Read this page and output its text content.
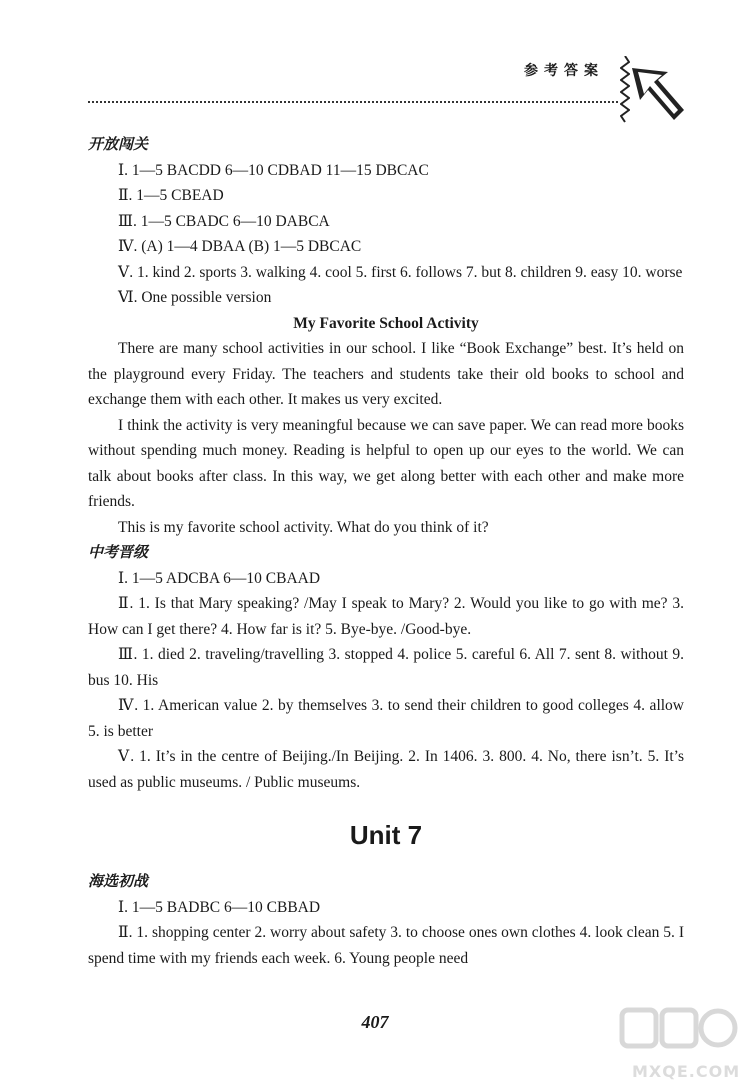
参考答案

开放闯关

Ⅰ. 1—5 BACDD 6—10 CDBAD 11—15 DBCAC

Ⅱ. 1—5 CBEAD

Ⅲ. 1—5 CBADC 6—10 DABCA

Ⅳ. (A) 1—4 DBAA (B) 1—5 DBCAC

Ⅴ. 1. kind 2. sports 3. walking 4. cool 5. first 6. follows 7. but 8. children 9. easy 10. worse

Ⅵ. One possible version

My Favorite School Activity

There are many school activities in our school. I like “Book Exchange” best. It’s held on the playground every Friday. The teachers and students take their old books to school and exchange them with each other. It makes us very excited.

I think the activity is very meaningful because we can save paper. We can read more books without spending much money. Reading is helpful to open up our eyes to the world. We can talk about books after class. In this way, we get along better with each other and make more friends.

This is my favorite school activity. What do you think of it?

中考晋级

Ⅰ. 1—5 ADCBA 6—10 CBAAD

Ⅱ. 1. Is that Mary speaking? /May I speak to Mary? 2. Would you like to go with me? 3. How can I get there? 4. How far is it? 5. Bye-bye. /Good-bye.

Ⅲ. 1. died 2. traveling/travelling 3. stopped 4. police 5. careful 6. All 7. sent 8. without 9. bus 10. His

Ⅳ. 1. American value 2. by themselves 3. to send their children to good colleges 4. allow 5. is better

Ⅴ. 1. It’s in the centre of Beijing./In Beijing. 2. In 1406. 3. 800. 4. No, there isn’t. 5. It’s used as public museums. / Public museums.

Unit 7

海选初战

Ⅰ. 1—5 BADBC 6—10 CBBAD

Ⅱ. 1. shopping center 2. worry about safety 3. to choose ones own clothes 4. look clean 5. I spend time with my friends each week. 6. Young people need

407
MXQE.COM
